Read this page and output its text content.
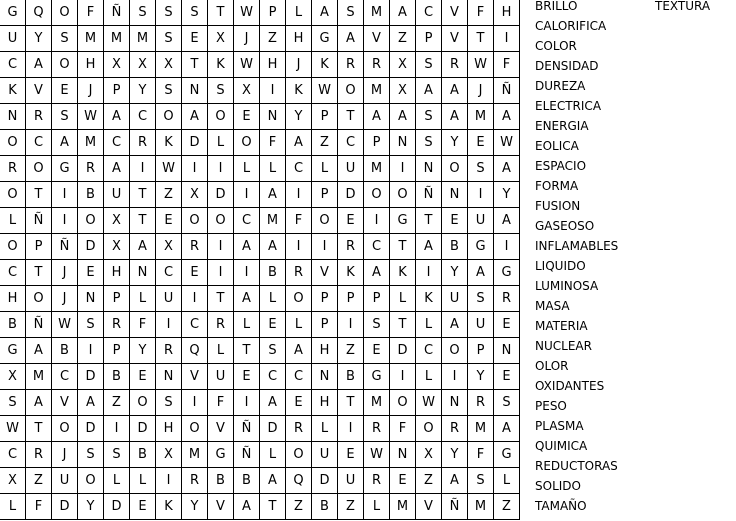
G	Q	O	F	Ñ	S	S	S	T	W	P	L	A	S	M	A	C	V	F	H
U	Y	S	M	M	M	S	E	X	J	Z	H	G	A	V	Z	P	V	T	I
C	A	O	H	X	X	X	T	K	W	H	J	K	R	R	X	S	R	W	F
K	V	E	J	P	Y	S	N	S	X	I	K	W	O	M	X	A	A	J	Ñ
N	R	S	W	A	C	O	A	O	E	N	Y	P	T	A	A	S	A	M	A
O	C	A	M	C	R	K	D	L	O	F	A	Z	C	P	N	S	Y	E	W
R	O	G	R	A	I	W	I	I	L	L	C	L	U	M	I	N	O	S	A
O	T	I	B	U	T	Z	X	D	I	A	I	P	D	O	O	Ñ	N	I	Y
L	Ñ	I	O	X	T	E	O	O	C	M	F	O	E	I	G	T	E	U	A
O	P	Ñ	D	X	A	X	R	I	A	A	I	I	R	C	T	A	B	G	I
C	T	J	E	H	N	C	E	I	I	B	R	V	K	A	K	I	Y	A	G
H	O	J	N	P	L	U	I	T	A	L	O	P	P	P	L	K	U	S	R
B	Ñ	W	S	R	F	I	C	R	L	E	L	P	I	S	T	L	A	U	E
G	A	B	I	P	Y	R	Q	L	T	S	A	H	Z	E	D	C	O	P	N
X	M	C	D	B	E	N	V	U	E	C	C	N	B	G	I	L	I	Y	E
S	A	V	A	Z	O	S	I	F	I	A	E	H	T	M	O	W	N	R	S
W	T	O	D	I	D	H	O	V	Ñ	D	R	L	I	R	F	O	R	M	A
C	R	J	S	S	B	X	M	G	Ñ	L	O	U	E	W	N	X	Y	F	G
X	Z	U	O	L	L	I	R	B	B	A	Q	D	U	R	E	Z	A	S	L
L	F	D	Y	D	E	K	Y	V	A	T	Z	B	Z	L	M	V	Ñ	M	Z
BRILLO
CALORIFICA
COLOR
DENSIDAD
DUREZA
ELECTRICA
ENERGIA
EOLICA
ESPACIO
FORMA
FUSION
GASEOSO
INFLAMABLES
LIQUIDO
LUMINOSA
MASA
MATERIA
NUCLEAR
OLOR
OXIDANTES
PESO
PLASMA
QUIMICA
REDUCTORAS
SOLIDO
TAMAÑO
TEXTURA
